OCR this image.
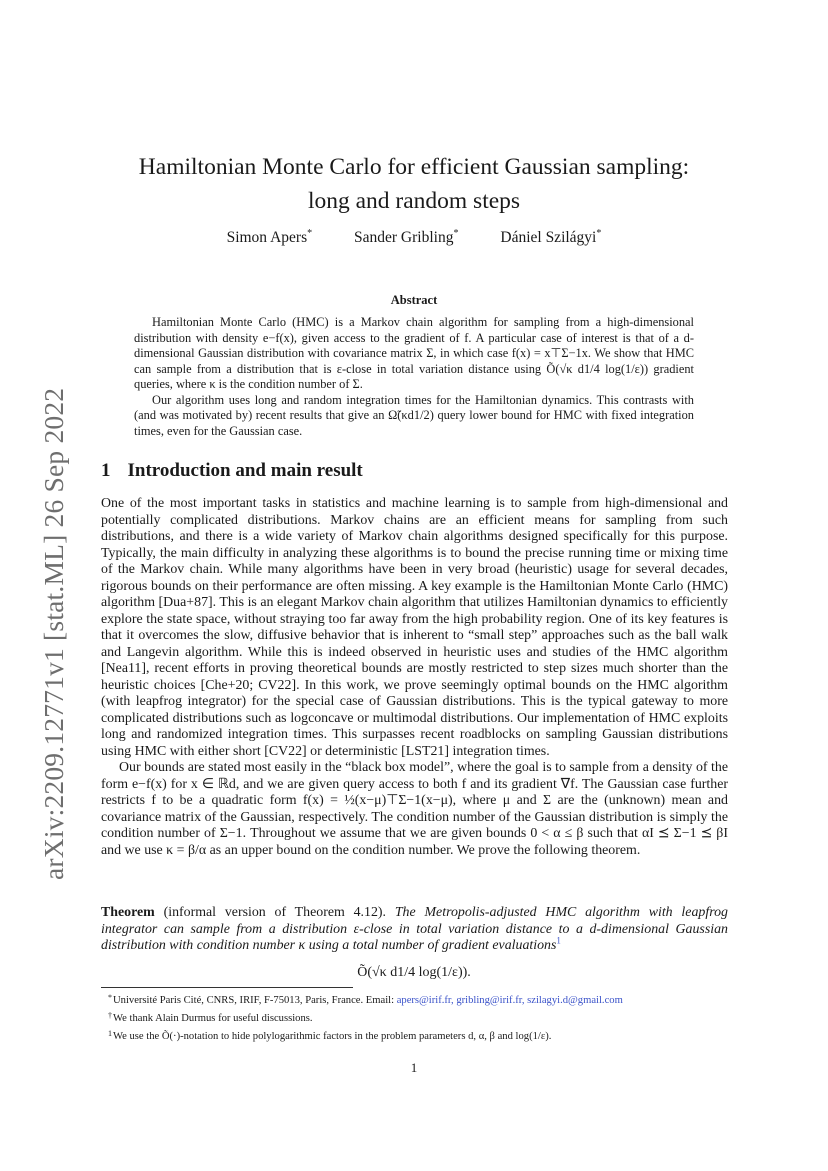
arXiv:2209.12771v1 [stat.ML] 26 Sep 2022
Hamiltonian Monte Carlo for efficient Gaussian sampling:
long and random steps
Simon Apers*	Sander Gribling*	Dániel Szilágyi*
Abstract

Hamiltonian Monte Carlo (HMC) is a Markov chain algorithm for sampling from a high-dimensional distribution with density e−f(x), given access to the gradient of f. A particular case of interest is that of a d-dimensional Gaussian distribution with covariance matrix Σ, in which case f(x) = x⊤Σ−1x. We show that HMC can sample from a distribution that is ε-close in total variation distance using Õ(√κ d1/4 log(1/ε)) gradient queries, where κ is the condition number of Σ.

Our algorithm uses long and random integration times for the Hamiltonian dynamics. This contrasts with (and was motivated by) recent results that give an Ω̃(κd1/2) query lower bound for HMC with fixed integration times, even for the Gaussian case.

1 Introduction and main result

One of the most important tasks in statistics and machine learning is to sample from high-dimensional and potentially complicated distributions. Markov chains are an efficient means for sampling from such distributions, and there is a wide variety of Markov chain algorithms designed specifically for this purpose. Typically, the main difficulty in analyzing these algorithms is to bound the precise running time or mixing time of the Markov chain. While many algorithms have been in very broad (heuristic) usage for several decades, rigorous bounds on their performance are often missing. A key example is the Hamiltonian Monte Carlo (HMC) algorithm [Dua+87]. This is an elegant Markov chain algorithm that utilizes Hamiltonian dynamics to efficiently explore the state space, without straying too far away from the high probability region. One of its key features is that it overcomes the slow, diffusive behavior that is inherent to “small step” approaches such as the ball walk and Langevin algorithm. While this is indeed observed in heuristic uses and studies of the HMC algorithm [Nea11], recent efforts in proving theoretical bounds are mostly restricted to step sizes much shorter than the heuristic choices [Che+20; CV22]. In this work, we prove seemingly optimal bounds on the HMC algorithm (with leapfrog integrator) for the special case of Gaussian distributions. This is the typical gateway to more complicated distributions such as logconcave or multimodal distributions. Our implementation of HMC exploits long and randomized integration times. This surpasses recent roadblocks on sampling Gaussian distributions using HMC with either short [CV22] or deterministic [LST21] integration times.

Our bounds are stated most easily in the “black box model”, where the goal is to sample from a density of the form e−f(x) for x ∈ ℝd, and we are given query access to both f and its gradient ∇f. The Gaussian case further restricts f to be a quadratic form f(x) = ½(x−μ)⊤Σ−1(x−μ), where μ and Σ are the (unknown) mean and covariance matrix of the Gaussian, respectively. The condition number of the Gaussian distribution is simply the condition number of Σ−1. Throughout we assume that we are given bounds 0 < α ≤ β such that αI ⪯ Σ−1 ⪯ βI and we use κ = β/α as an upper bound on the condition number. We prove the following theorem.

Theorem (informal version of Theorem 4.12). The Metropolis-adjusted HMC algorithm with leapfrog integrator can sample from a distribution ε-close in total variation distance to a d-dimensional Gaussian distribution with condition number κ using a total number of gradient evaluations$^1$
Õ(√κ d1/4 log(1/ε)).
*Université Paris Cité, CNRS, IRIF, F-75013, Paris, France. Email: apers@irif.fr, gribling@irif.fr, szilagyi.d@gmail.com
†We thank Alain Durmus for useful discussions.
$^1$We use the Õ(·)-notation to hide polylogarithmic factors in the problem parameters d, α, β and log(1/ε).
1
